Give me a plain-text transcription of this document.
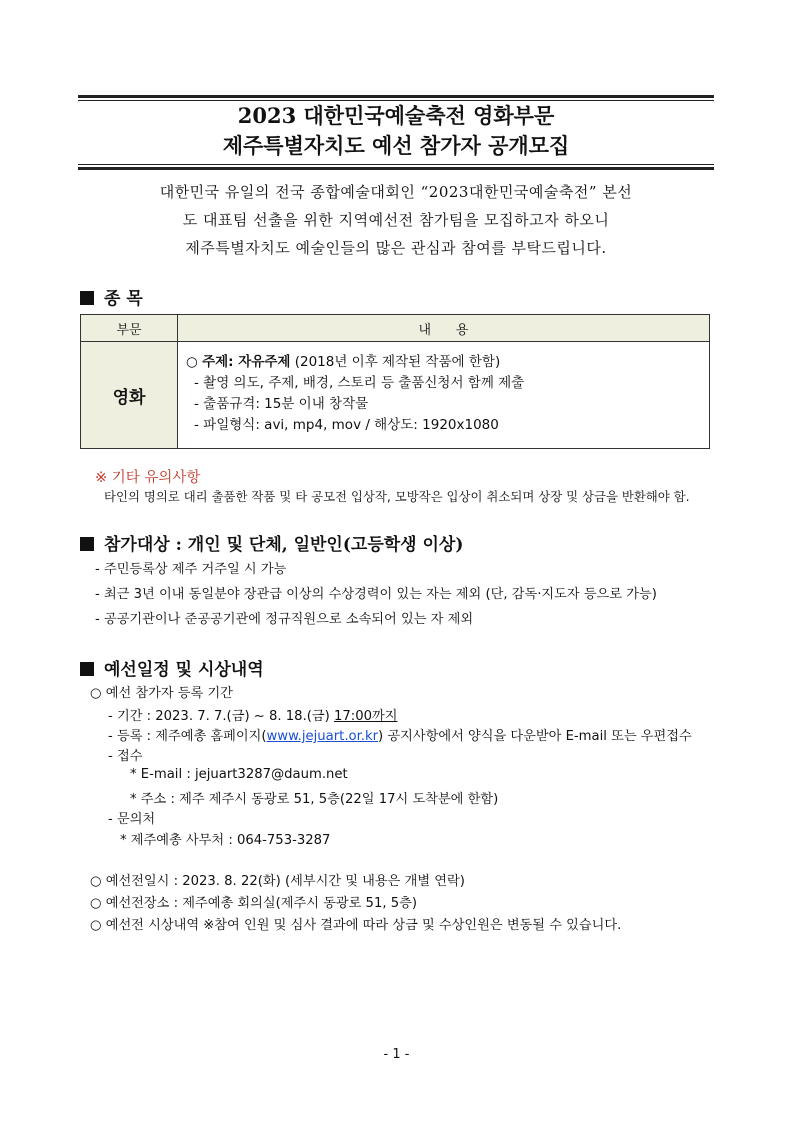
2023 대한민국예술축전 영화부문
제주특별자치도 예선 참가자 공개모집
대한민국 유일의 전국 종합예술대회인 “2023대한민국예술축전” 본선
도 대표팀 선출을 위한 지역예선전 참가팀을 모집하고자 하오니
제주특별자치도 예술인들의 많은 관심과 참여를 부탁드립니다.
종 목
부문	내      용
영화	○ 주제: 자유주제 (2018년 이후 제작된 작품에 한함)
- 촬영 의도, 주제, 배경, 스토리 등 출품신청서 함께 제출
- 출품규격: 15분 이내 창작물
- 파일형식: avi, mp4, mov / 해상도: 1920x1080
※ 기타 유의사항
타인의 명의로 대리 출품한 작품 및 타 공모전 입상작, 모방작은 입상이 취소되며 상장 및 상금을 반환해야 함.
참가대상 : 개인 및 단체, 일반인(고등학생 이상)
- 주민등록상 제주 거주일 시 가능
- 최근 3년 이내 동일분야 장관급 이상의 수상경력이 있는 자는 제외 (단, 감독·지도자 등으로 가능)
- 공공기관이나 준공공기관에 정규직원으로 소속되어 있는 자 제외
예선일정 및 시상내역
○ 예선 참가자 등록 기간
- 기간 : 2023. 7. 7.(금) ~ 8. 18.(금) 17:00까지
- 등록 : 제주예총 홈페이지(www.jejuart.or.kr) 공지사항에서 양식을 다운받아 E-mail 또는 우편접수
- 접수
* E-mail : jejuart3287@daum.net
* 주소 : 제주 제주시 동광로 51, 5층(22일 17시 도착분에 한함)
- 문의처
* 제주예총 사무처 : 064-753-3287
○ 예선전일시 : 2023. 8. 22(화) (세부시간 및 내용은 개별 연락)
○ 예선전장소 : 제주예총 회의실(제주시 동광로 51, 5층)
○ 예선전 시상내역 ※참여 인원 및 심사 결과에 따라 상금 및 수상인원은 변동될 수 있습니다.
- 1 -
